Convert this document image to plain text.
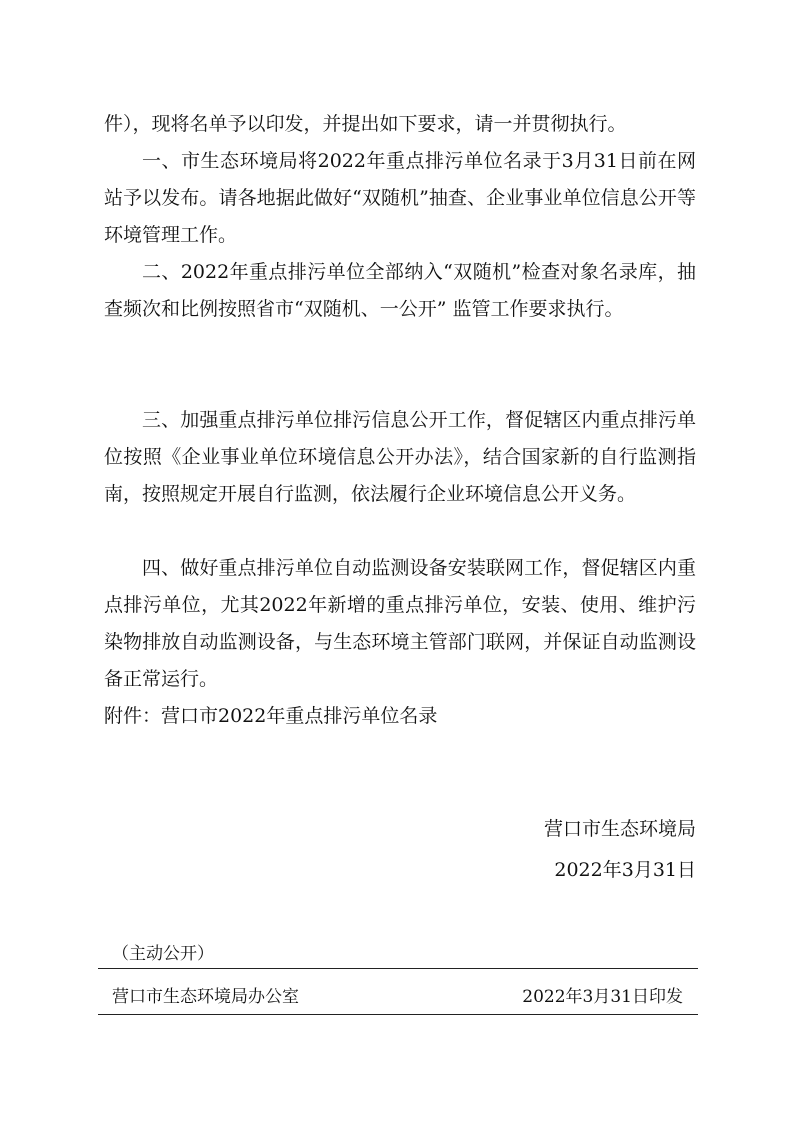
件），现将名单予以印发，并提出如下要求，请一并贯彻执行。

一、市生态环境局将2022年重点排污单位名录于3月31日前在网站予以发布。请各地据此做好“双随机”抽查、企业事业单位信息公开等环境管理工作。

二、2022年重点排污单位全部纳入“双随机”检查对象名录库，抽查频次和比例按照省市“双随机、一公开” 监管工作要求执行。

三、加强重点排污单位排污信息公开工作，督促辖区内重点排污单位按照《企业事业单位环境信息公开办法》，结合国家新的自行监测指南，按照规定开展自行监测，依法履行企业环境信息公开义务。

四、做好重点排污单位自动监测设备安装联网工作，督促辖区内重点排污单位，尤其2022年新增的重点排污单位，安装、使用、维护污染物排放自动监测设备，与生态环境主管部门联网，并保证自动监测设备正常运行。

附件：营口市2022年重点排污单位名录

营口市生态环境局
2022年3月31日
（主动公开）
营口市生态环境局办公室	2022年3月31日印发
